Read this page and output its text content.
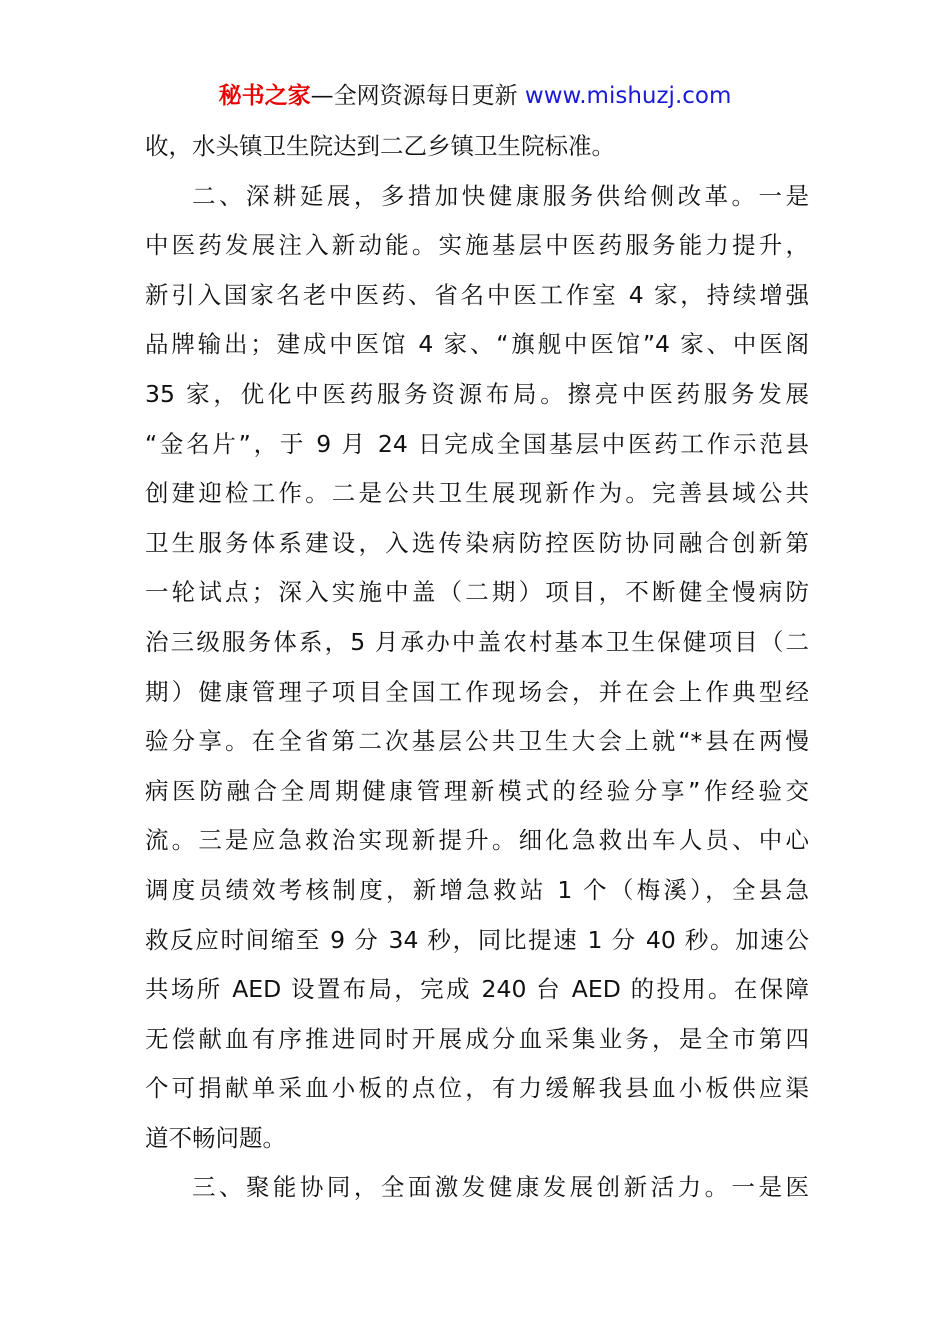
秘书之家—全网资源每日更新 www.mishuzj.com
收，水头镇卫生院达到二乙乡镇卫生院标准。
二、深耕延展，多措加快健康服务供给侧改革。一是
中医药发展注入新动能。实施基层中医药服务能力提升，
新引入国家名老中医药、省名中医工作室 4 家，持续增强
品牌输出；建成中医馆 4 家、“旗舰中医馆”4 家、中医阁
35 家，优化中医药服务资源布局。擦亮中医药服务发展
“金名片”，于 9 月 24 日完成全国基层中医药工作示范县
创建迎检工作。二是公共卫生展现新作为。完善县域公共
卫生服务体系建设，入选传染病防控医防协同融合创新第
一轮试点；深入实施中盖（二期）项目，不断健全慢病防
治三级服务体系，5 月承办中盖农村基本卫生保健项目（二
期）健康管理子项目全国工作现场会，并在会上作典型经
验分享。在全省第二次基层公共卫生大会上就“*县在两慢
病医防融合全周期健康管理新模式的经验分享”作经验交
流。三是应急救治实现新提升。细化急救出车人员、中心
调度员绩效考核制度，新增急救站 1 个（梅溪），全县急
救反应时间缩至 9 分 34 秒，同比提速 1 分 40 秒。加速公
共场所 AED 设置布局，完成 240 台 AED 的投用。在保障
无偿献血有序推进同时开展成分血采集业务，是全市第四
个可捐献单采血小板的点位，有力缓解我县血小板供应渠
道不畅问题。
三、聚能协同，全面激发健康发展创新活力。一是医
